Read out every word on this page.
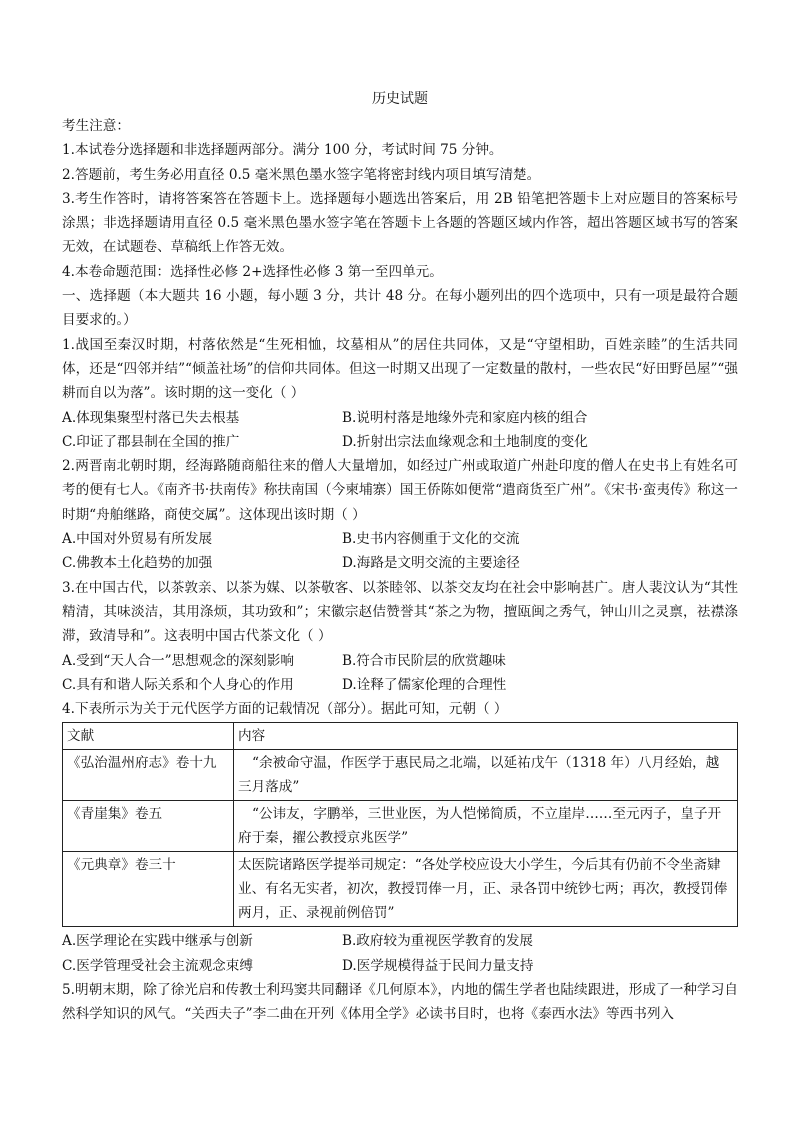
历史试题

考生注意：

1.本试卷分选择题和非选择题两部分。满分 100 分，考试时间 75 分钟。

2.答题前，考生务必用直径 0.5 毫米黑色墨水签字笔将密封线内项目填写清楚。

3.考生作答时，请将答案答在答题卡上。选择题每小题选出答案后，用 2B 铅笔把答题卡上对应题目的答案标号涂黑；非选择题请用直径 0.5 毫米黑色墨水签字笔在答题卡上各题的答题区域内作答，超出答题区域书写的答案无效，在试题卷、草稿纸上作答无效。

4.本卷命题范围：选择性必修 2+选择性必修 3 第一至四单元。

一、选择题（本大题共 16 小题，每小题 3 分，共计 48 分。在每小题列出的四个选项中，只有一项是最符合题目要求的。）

1.战国至秦汉时期，村落依然是“生死相恤，坟墓相从”的居住共同体，又是“守望相助，百姓亲睦”的生活共同体，还是“四邻并结”“倾盖社场”的信仰共同体。但这一时期又出现了一定数量的散村，一些农民“好田野邑屋”“强耕而自以为落”。该时期的这一变化（ ）

A.体现集聚型村落已失去根基	B.说明村落是地缘外壳和家庭内核的组合
C.印证了郡县制在全国的推广	D.折射出宗法血缘观念和土地制度的变化

2.两晋南北朝时期，经海路随商船往来的僧人大量增加，如经过广州或取道广州赴印度的僧人在史书上有姓名可考的便有七人。《南齐书·扶南传》称扶南国（今柬埔寨）国王侨陈如便常“遣商货至广州”。《宋书·蛮夷传》称这一时期“舟舶继路，商使交属”。这体现出该时期（ ）

A.中国对外贸易有所发展	B.史书内容侧重于文化的交流
C.佛教本土化趋势的加强	D.海路是文明交流的主要途径

3.在中国古代，以茶敦亲、以茶为媒、以茶敬客、以茶睦邻、以茶交友均在社会中影响甚广。唐人裴汶认为“其性精清，其味淡洁，其用涤烦，其功致和”；宋徽宗赵佶赞誉其“茶之为物，擅瓯闽之秀气，钟山川之灵禀，祛襟涤滞，致清导和”。这表明中国古代茶文化（ ）

A.受到“天人合一”思想观念的深刻影响	B.符合市民阶层的欣赏趣味
C.具有和谐人际关系和个人身心的作用	D.诠释了儒家伦理的合理性

4.下表所示为关于元代医学方面的记载情况（部分）。据此可知，元朝（ ）

文献	内容
《弘治温州府志》卷十九	“余被命守温，作医学于惠民局之北端，以延祐戊午（1318 年）八月经始，越三月落成”
《青崖集》卷五	“公讳友，字鹏举，三世业医，为人恺悌简质，不立崖岸……至元丙子，皇子开府于秦，擢公教授京兆医学”
《元典章》卷三十	太医院诸路医学提举司规定：“各处学校应设大小学生，今后其有仍前不令坐斋肄业、有名无实者，初次，教授罚俸一月，正、录各罚中统钞七两；再次，教授罚俸两月，正、录视前例倍罚”
A.医学理论在实践中继承与创新	B.政府较为重视医学教育的发展
C.医学管理受社会主流观念束缚	D.医学规模得益于民间力量支持

5.明朝末期，除了徐光启和传教士利玛窦共同翻译《几何原本》，内地的儒生学者也陆续跟进，形成了一种学习自然科学知识的风气。“关西夫子”李二曲在开列《体用全学》必读书目时，也将《泰西水法》等西书列入
